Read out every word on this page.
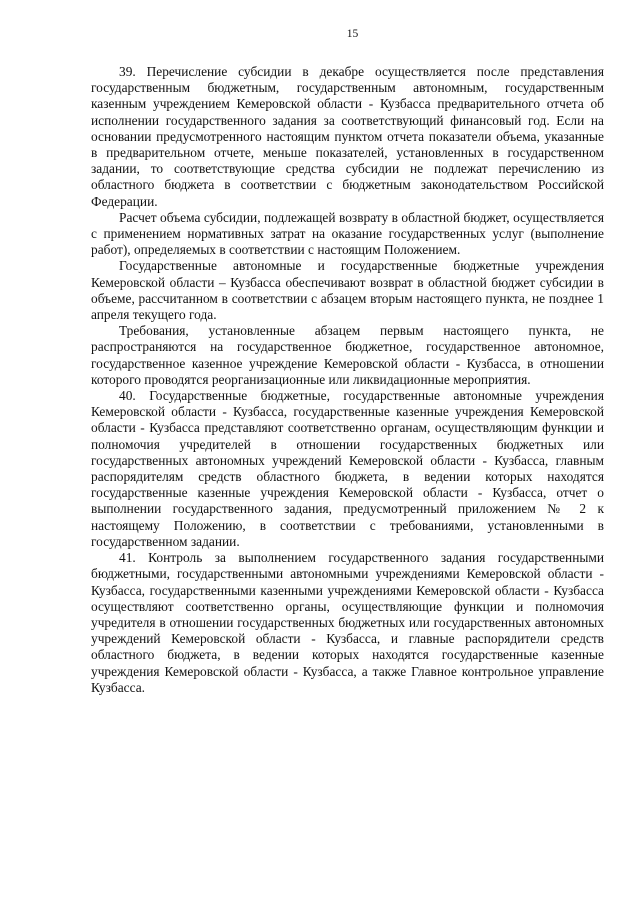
15

39. Перечисление субсидии в декабре осуществляется после представления государственным бюджетным, государственным автономным, государственным казенным учреждением Кемеровской области - Кузбасса предварительного отчета об исполнении государственного задания за соответствующий финансовый год. Если на основании предусмотренного настоящим пунктом отчета показатели объема, указанные в предварительном отчете, меньше показателей, установленных в государственном задании, то соответствующие средства субсидии не подлежат перечислению из областного бюджета в соответствии с бюджетным законодательством Российской Федерации.

Расчет объема субсидии, подлежащей возврату в областной бюджет, осуществляется с применением нормативных затрат на оказание государственных услуг (выполнение работ), определяемых в соответствии с настоящим Положением.

Государственные автономные и государственные бюджетные учреждения Кемеровской области – Кузбасса обеспечивают возврат в областной бюджет субсидии в объеме, рассчитанном в соответствии с абзацем вторым настоящего пункта, не позднее 1 апреля текущего года.

Требования, установленные абзацем первым настоящего пункта, не распространяются на государственное бюджетное, государственное автономное, государственное казенное учреждение Кемеровской области - Кузбасса, в отношении которого проводятся реорганизационные или ликвидационные мероприятия.

40. Государственные бюджетные, государственные автономные учреждения Кемеровской области - Кузбасса, государственные казенные учреждения Кемеровской области - Кузбасса представляют соответственно органам, осуществляющим функции и полномочия учредителей в отношении государственных бюджетных или государственных автономных учреждений Кемеровской области - Кузбасса, главным распорядителям средств областного бюджета, в ведении которых находятся государственные казенные учреждения Кемеровской области - Кузбасса, отчет о выполнении государственного задания, предусмотренный приложением № 2 к настоящему Положению, в соответствии с требованиями, установленными в государственном задании.

41. Контроль за выполнением государственного задания государственными бюджетными, государственными автономными учреждениями Кемеровской области - Кузбасса, государственными казенными учреждениями Кемеровской области - Кузбасса осуществляют соответственно органы, осуществляющие функции и полномочия учредителя в отношении государственных бюджетных или государственных автономных учреждений Кемеровской области - Кузбасса, и главные распорядители средств областного бюджета, в ведении которых находятся государственные казенные учреждения Кемеровской области - Кузбасса, а также Главное контрольное управление Кузбасса.
